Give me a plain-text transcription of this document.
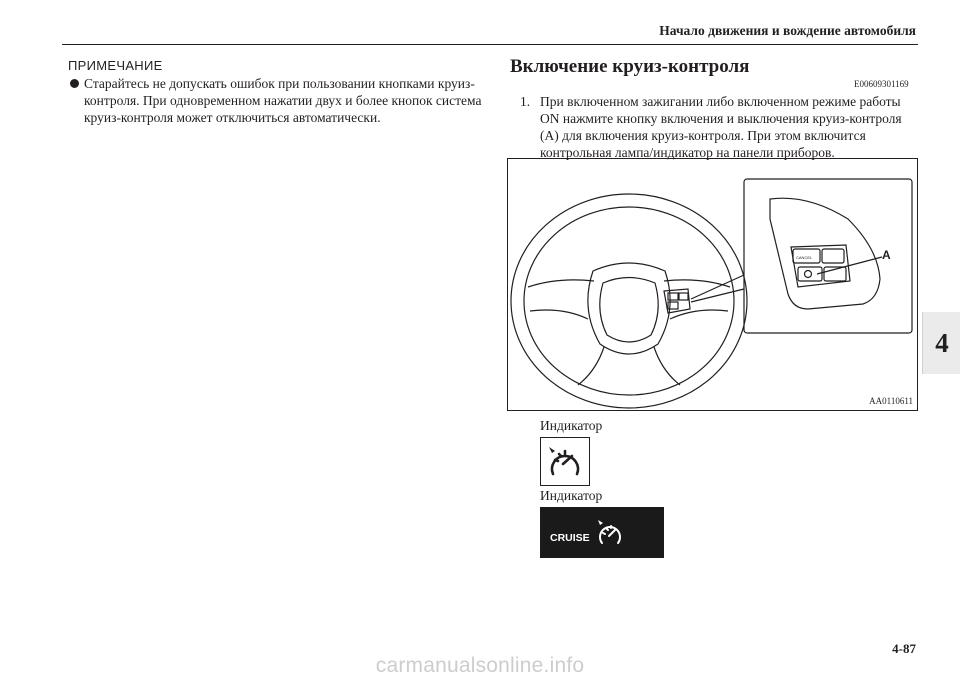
Начало движения и вождение автомобиля
ПРИМЕЧАНИЕ
Старайтесь не допускать ошибок при пользовании кнопками круиз-контроля. При одновременном нажатии двух и более кнопок система круиз-контроля может отключиться автоматически.
Включение круиз-контроля
E00609301169
1. При включенном зажигании либо включенном режиме работы ON нажмите кнопку включения и выключения круиз-контроля (A) для включения круиз-контроля. При этом включится контрольная лампа/индикатор на панели приборов.
CANCEL	A
AA0110611
Индикатор
Индикатор
CRUISE
4
4-87
carmanualsonline.info
